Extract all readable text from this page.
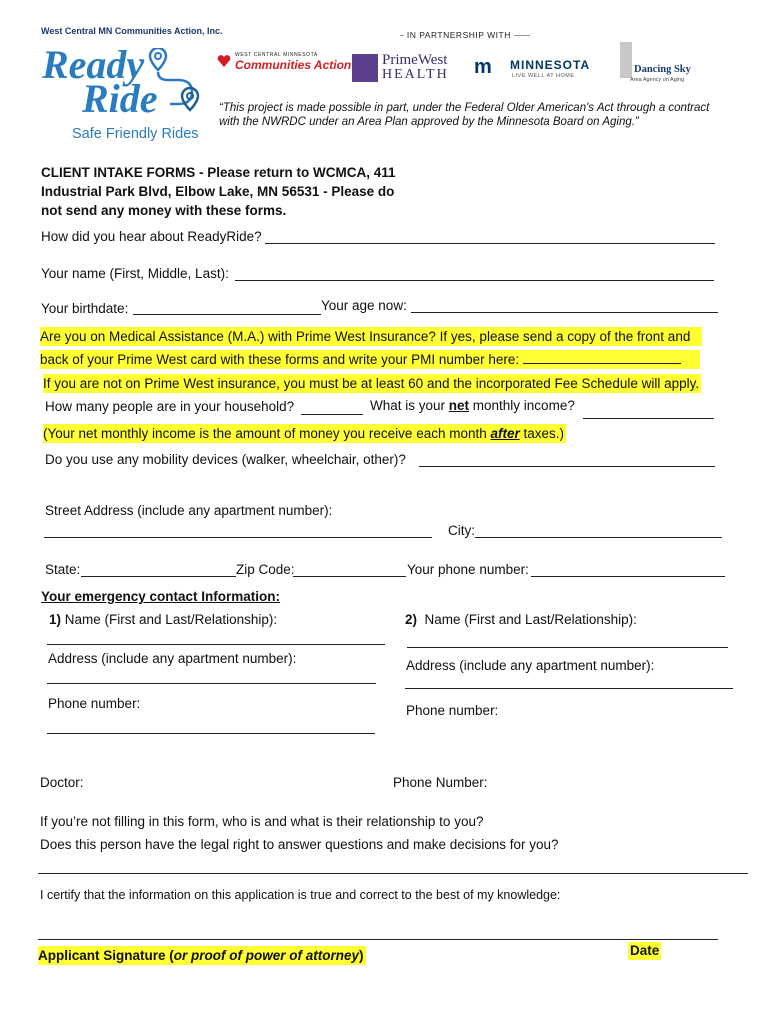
West Central MN Communities Action, Inc.	IN PARTNERSHIP WITH
Ready
Ride
Safe Friendly Rides
WEST CENTRAL MINNESOTA
Communities Action PrimeWest
HEALTH m MINNESOTA
LIVE WELL AT HOME
Dancing Sky
Area Agency on Aging
“This project is made possible in part, under the Federal Older American's Act through a contract with the NWRDC under an Area Plan approved by the Minnesota Board on Aging.”
CLIENT INTAKE FORMS - Please return to WCMCA, 411
Industrial Park Blvd, Elbow Lake, MN 56531 - Please do
not send any money with these forms.
How did you hear about ReadyRide?
Your name (First, Middle, Last):
Your birthdate:	Your age now:
Are you on Medical Assistance (M.A.) with Prime West Insurance? If yes, please send a copy of the front and
back of your Prime West card with these forms and write your PMI number here:
If you are not on Prime West insurance, you must be at least 60 and the incorporated Fee Schedule will apply.
How many people are in your household?	What is your net monthly income?
(Your net monthly income is the amount of money you receive each month after taxes.)
Do you use any mobility devices (walker, wheelchair, other)?
Street Address (include any apartment number):
City:
State:	Zip Code:	Your phone number:
Your emergency contact Information:
1) Name (First and Last/Relationship):
Address (include any apartment number):
Phone number:
2) Name (First and Last/Relationship):
Address (include any apartment number):
Phone number:
Doctor:	Phone Number:
If you’re not filling in this form, who is and what is their relationship to you?
Does this person have the legal right to answer questions and make decisions for you?
I certify that the information on this application is true and correct to the best of my knowledge:
Applicant Signature (or proof of power of attorney)	Date
